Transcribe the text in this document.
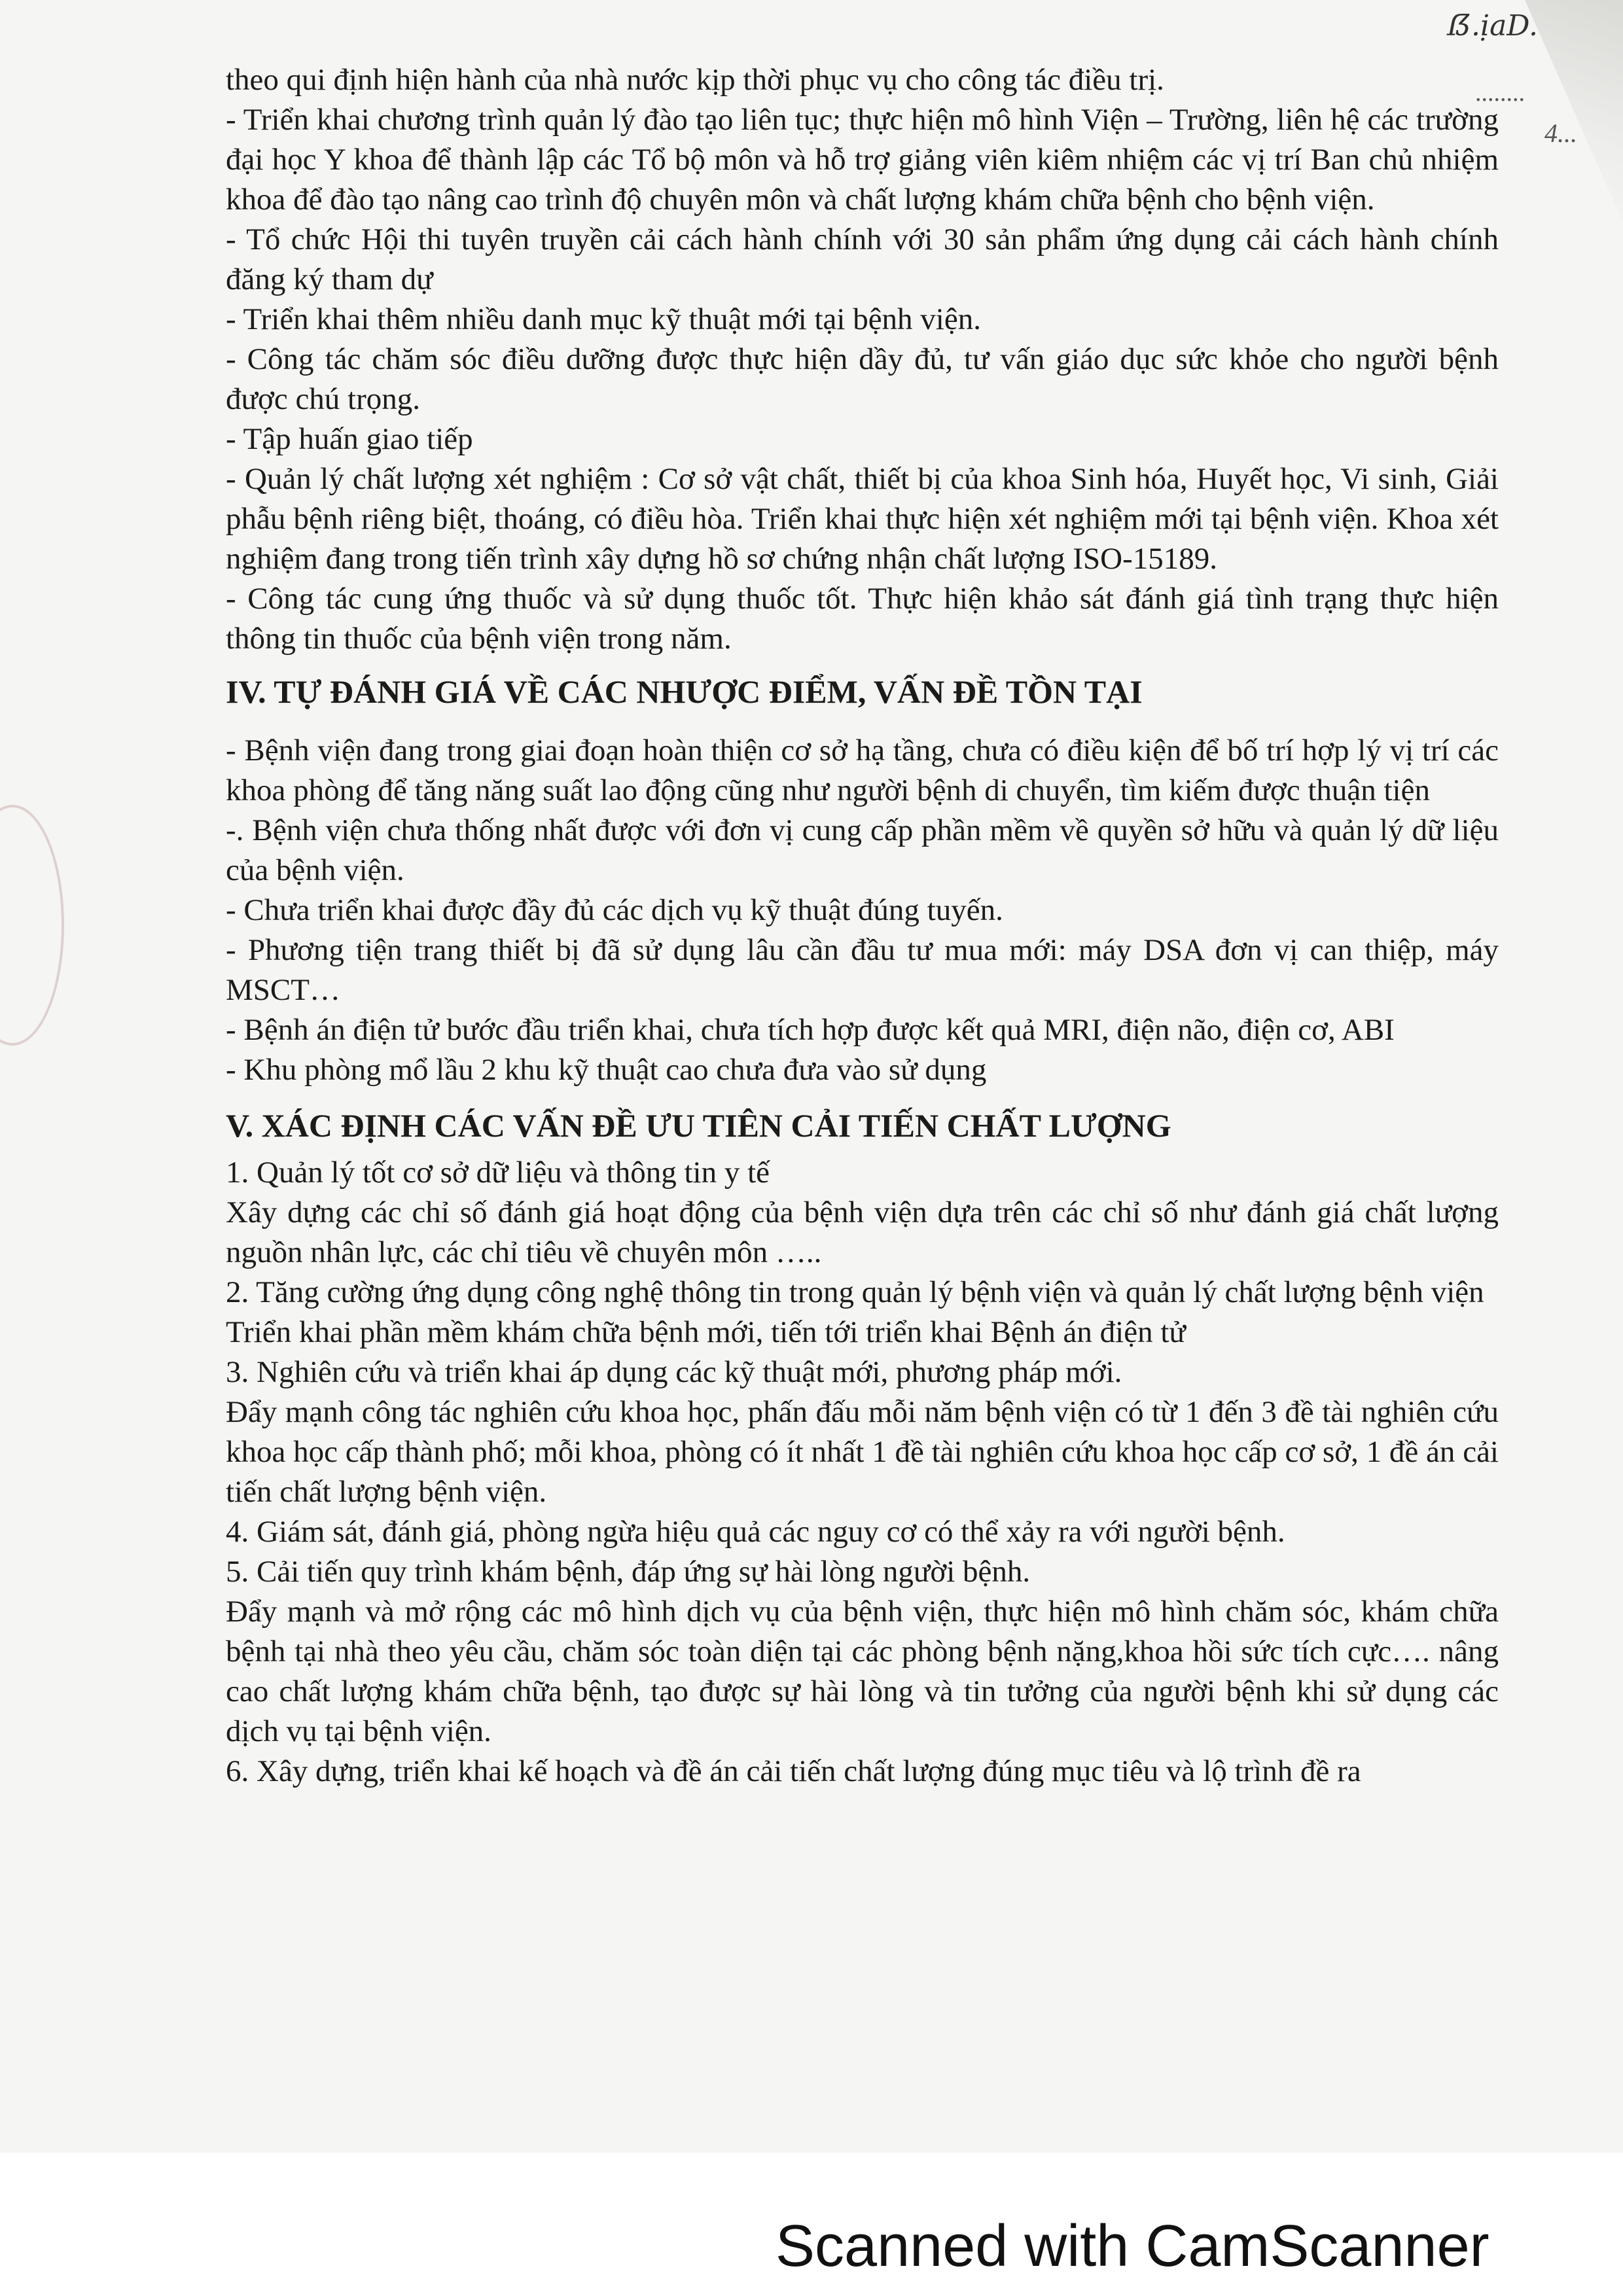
ẞ.ịaD.
........
4...

theo qui định hiện hành của nhà nước kịp thời phục vụ cho công tác điều trị.

- Triển khai chương trình quản lý đào tạo liên tục; thực hiện mô hình Viện – Trường, liên hệ các trường đại học Y khoa để thành lập các Tổ bộ môn và hỗ trợ giảng viên kiêm nhiệm các vị trí Ban chủ nhiệm khoa để đào tạo nâng cao trình độ chuyên môn và chất lượng khám chữa bệnh cho bệnh viện.

- Tổ chức Hội thi tuyên truyền cải cách hành chính với 30 sản phẩm ứng dụng cải cách hành chính đăng ký tham dự

- Triển khai thêm nhiều danh mục kỹ thuật mới tại bệnh viện.

- Công tác chăm sóc điều dưỡng được thực hiện dầy đủ, tư vấn giáo dục sức khỏe cho người bệnh được chú trọng.

- Tập huấn giao tiếp

- Quản lý chất lượng xét nghiệm : Cơ sở vật chất, thiết bị của khoa Sinh hóa, Huyết học, Vi sinh, Giải phẫu bệnh riêng biệt, thoáng, có điều hòa. Triển khai thực hiện xét nghiệm mới tại bệnh viện. Khoa xét nghiệm đang trong tiến trình xây dựng hồ sơ chứng nhận chất lượng ISO-15189.

- Công tác cung ứng thuốc và sử dụng thuốc tốt. Thực hiện khảo sát đánh giá tình trạng thực hiện thông tin thuốc của bệnh viện trong năm.

IV. TỰ ĐÁNH GIÁ VỀ CÁC NHƯỢC ĐIỂM, VẤN ĐỀ TỒN TẠI

- Bệnh viện đang trong giai đoạn hoàn thiện cơ sở hạ tầng, chưa có điều kiện để bố trí hợp lý vị trí các khoa phòng để tăng năng suất lao động cũng như người bệnh di chuyển, tìm kiếm được thuận tiện

-. Bệnh viện chưa thống nhất được với đơn vị cung cấp phần mềm về quyền sở hữu và quản lý dữ liệu của bệnh viện.

- Chưa triển khai được đầy đủ các dịch vụ kỹ thuật đúng tuyến.

- Phương tiện trang thiết bị đã sử dụng lâu cần đầu tư mua mới: máy DSA đơn vị can thiệp, máy MSCT…

- Bệnh án điện tử bước đầu triển khai, chưa tích hợp được kết quả MRI, điện não, điện cơ, ABI

- Khu phòng mổ lầu 2 khu kỹ thuật cao chưa đưa vào sử dụng

V. XÁC ĐỊNH CÁC VẤN ĐỀ ƯU TIÊN CẢI TIẾN CHẤT LƯỢNG

1. Quản lý tốt cơ sở dữ liệu và thông tin y tế

Xây dựng các chỉ số đánh giá hoạt động của bệnh viện dựa trên các chỉ số như đánh giá chất lượng nguồn nhân lực, các chỉ tiêu về chuyên môn …..

2. Tăng cường ứng dụng công nghệ thông tin trong quản lý bệnh viện và quản lý chất lượng bệnh viện

Triển khai phần mềm khám chữa bệnh mới, tiến tới triển khai Bệnh án điện tử

3. Nghiên cứu và triển khai áp dụng các kỹ thuật mới, phương pháp mới.

Đẩy mạnh công tác nghiên cứu khoa học, phấn đấu mỗi năm bệnh viện có từ 1 đến 3 đề tài nghiên cứu khoa học cấp thành phố; mỗi khoa, phòng có ít nhất 1 đề tài nghiên cứu khoa học cấp cơ sở, 1 đề án cải tiến chất lượng bệnh viện.

4. Giám sát, đánh giá, phòng ngừa hiệu quả các nguy cơ có thể xảy ra với người bệnh.

5. Cải tiến quy trình khám bệnh, đáp ứng sự hài lòng người bệnh.

Đẩy mạnh và mở rộng các mô hình dịch vụ của bệnh viện, thực hiện mô hình chăm sóc, khám chữa bệnh tại nhà theo yêu cầu, chăm sóc toàn diện tại các phòng bệnh nặng,khoa hồi sức tích cực…. nâng cao chất lượng khám chữa bệnh, tạo được sự hài lòng và tin tưởng của người bệnh khi sử dụng các dịch vụ tại bệnh viện.

6. Xây dựng, triển khai kế hoạch và đề án cải tiến chất lượng đúng mục tiêu và lộ trình đề ra

Scanned with CamScanner
